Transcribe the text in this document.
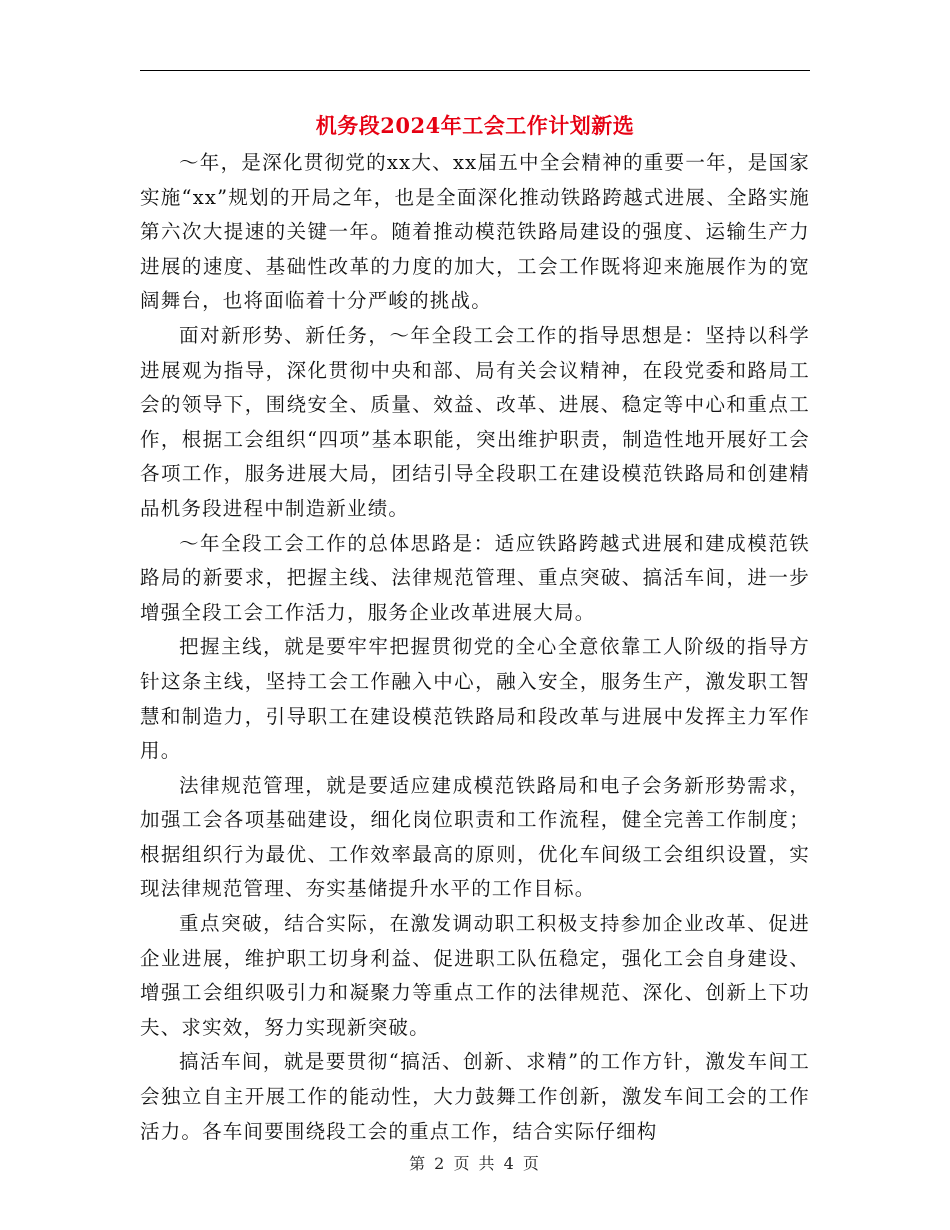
机务段2024年工会工作计划新选

～年，是深化贯彻党的xx大、xx届五中全会精神的重要一年，是国家实施“xx”规划的开局之年，也是全面深化推动铁路跨越式进展、全路实施第六次大提速的关键一年。随着推动模范铁路局建设的强度、运输生产力进展的速度、基础性改革的力度的加大，工会工作既将迎来施展作为的宽阔舞台，也将面临着十分严峻的挑战。

面对新形势、新任务，～年全段工会工作的指导思想是：坚持以科学进展观为指导，深化贯彻中央和部、局有关会议精神，在段党委和路局工会的领导下，围绕安全、质量、效益、改革、进展、稳定等中心和重点工作，根据工会组织“四项”基本职能，突出维护职责，制造性地开展好工会各项工作，服务进展大局，团结引导全段职工在建设模范铁路局和创建精品机务段进程中制造新业绩。

～年全段工会工作的总体思路是：适应铁路跨越式进展和建成模范铁路局的新要求，把握主线、法律规范管理、重点突破、搞活车间，进一步增强全段工会工作活力，服务企业改革进展大局。

把握主线，就是要牢牢把握贯彻党的全心全意依靠工人阶级的指导方针这条主线，坚持工会工作融入中心，融入安全，服务生产，激发职工智慧和制造力，引导职工在建设模范铁路局和段改革与进展中发挥主力军作用。

法律规范管理，就是要适应建成模范铁路局和电子会务新形势需求，加强工会各项基础建设，细化岗位职责和工作流程，健全完善工作制度；根据组织行为最优、工作效率最高的原则，优化车间级工会组织设置，实现法律规范管理、夯实基储提升水平的工作目标。

重点突破，结合实际，在激发调动职工积极支持参加企业改革、促进企业进展，维护职工切身利益、促进职工队伍稳定，强化工会自身建设、增强工会组织吸引力和凝聚力等重点工作的法律规范、深化、创新上下功夫、求实效，努力实现新突破。

搞活车间，就是要贯彻“搞活、创新、求精”的工作方针，激发车间工会独立自主开展工作的能动性，大力鼓舞工作创新，激发车间工会的工作活力。各车间要围绕段工会的重点工作，结合实际仔细构

第 2 页 共 4 页
